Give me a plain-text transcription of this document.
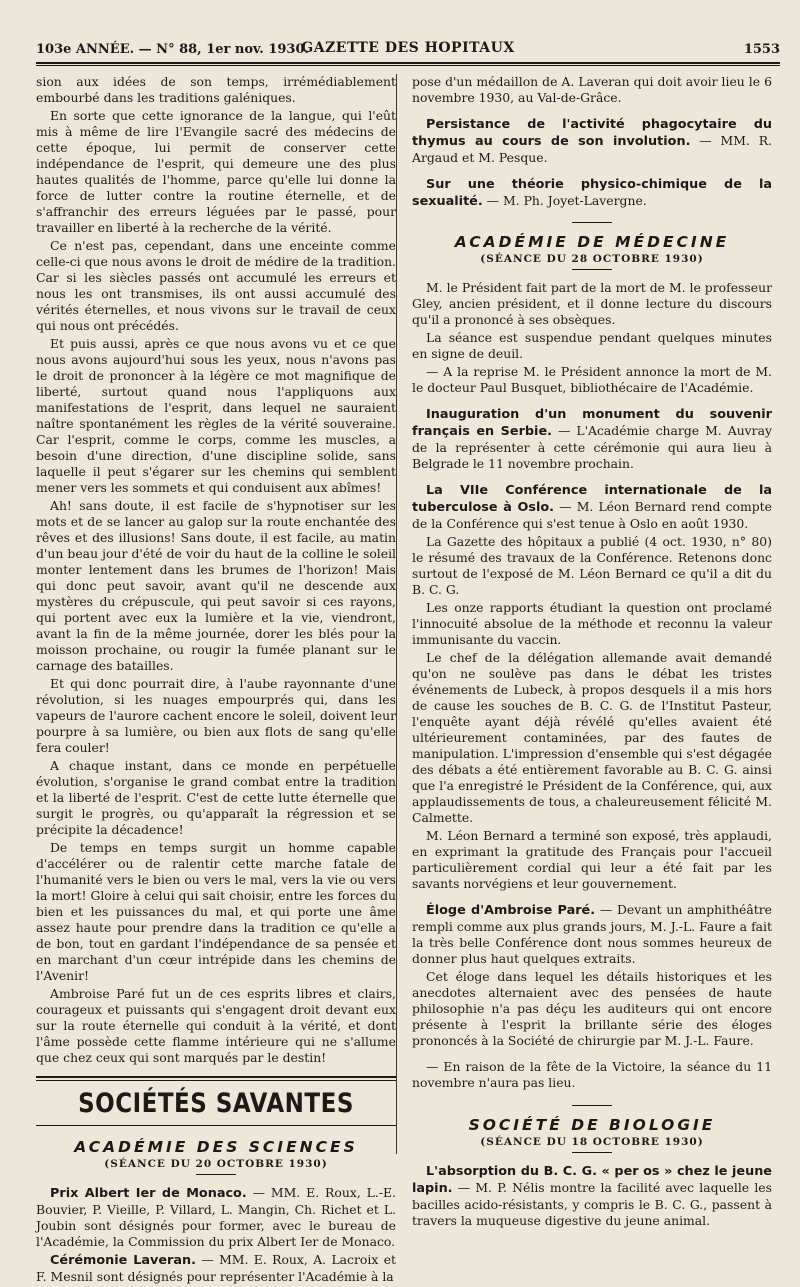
103e ANNÉE. — N° 88, 1er nov. 1930.
GAZETTE DES HOPITAUX	1553

sion aux idées de son temps, irrémédiablement embourbé dans les traditions galéniques.

En sorte que cette ignorance de la langue, qui l'eût mis à même de lire l'Evangile sacré des médecins de cette époque, lui permit de conserver cette indépendance de l'esprit, qui demeure une des plus hautes qualités de l'homme, parce qu'elle lui donne la force de lutter contre la routine éternelle, et de s'affranchir des erreurs léguées par le passé, pour travailler en liberté à la recherche de la vérité.

Ce n'est pas, cependant, dans une enceinte comme celle-ci que nous avons le droit de médire de la tradition. Car si les siècles passés ont accumulé les erreurs et nous les ont transmises, ils ont aussi accumulé des vérités éternelles, et nous vivons sur le travail de ceux qui nous ont précédés.

Et puis aussi, après ce que nous avons vu et ce que nous avons aujourd'hui sous les yeux, nous n'avons pas le droit de prononcer à la légère ce mot magnifique de liberté, surtout quand nous l'appliquons aux manifestations de l'esprit, dans lequel ne sauraient naître spontanément les règles de la vérité souveraine. Car l'esprit, comme le corps, comme les muscles, a besoin d'une direction, d'une discipline solide, sans laquelle il peut s'égarer sur les chemins qui semblent mener vers les sommets et qui conduisent aux abîmes!

Ah! sans doute, il est facile de s'hypnotiser sur les mots et de se lancer au galop sur la route enchantée des rêves et des illusions! Sans doute, il est facile, au matin d'un beau jour d'été de voir du haut de la colline le soleil monter lentement dans les brumes de l'horizon! Mais qui donc peut savoir, avant qu'il ne descende aux mystères du crépuscule, qui peut savoir si ces rayons, qui portent avec eux la lumière et la vie, viendront, avant la fin de la même journée, dorer les blés pour la moisson prochaine, ou rougir la fumée planant sur le carnage des batailles.

Et qui donc pourrait dire, à l'aube rayonnante d'une révolution, si les nuages empourprés qui, dans les vapeurs de l'aurore cachent encore le soleil, doivent leur pourpre à sa lumière, ou bien aux flots de sang qu'elle fera couler!

A chaque instant, dans ce monde en perpétuelle évolution, s'organise le grand combat entre la tradition et la liberté de l'esprit. C'est de cette lutte éternelle que surgit le progrès, ou qu'apparaît la régression et se précipite la décadence!

De temps en temps surgit un homme capable d'accélérer ou de ralentir cette marche fatale de l'humanité vers le bien ou vers le mal, vers la vie ou vers la mort! Gloire à celui qui sait choisir, entre les forces du bien et les puissances du mal, et qui porte une âme assez haute pour prendre dans la tradition ce qu'elle a de bon, tout en gardant l'indépendance de sa pensée et en marchant d'un cœur intrépide dans les chemins de l'Avenir!

Ambroise Paré fut un de ces esprits libres et clairs, courageux et puissants qui s'engagent droit devant eux sur la route éternelle qui conduit à la vérité, et dont l'âme possède cette flamme intérieure qui ne s'allume que chez ceux qui sont marqués par le destin!

SOCIÉTÉS SAVANTES
ACADÉMIE DES SCIENCES
(SÉANCE DU 20 OCTOBRE 1930)

Prix Albert Ier de Monaco. — MM. E. Roux, L.-E. Bouvier, P. Vieille, P. Villard, L. Mangin, Ch. Richet et L. Joubin sont désignés pour former, avec le bureau de l'Académie, la Commission du prix Albert Ier de Monaco.

Cérémonie Laveran. — MM. E. Roux, A. Lacroix et F. Mesnil sont désignés pour représenter l'Académie à la

pose d'un médaillon de A. Laveran qui doit avoir lieu le 6 novembre 1930, au Val-de-Grâce.

Persistance de l'activité phagocytaire du thymus au cours de son involution. — MM. R. Argaud et M. Pesque.

Sur une théorie physico-chimique de la sexualité. — M. Ph. Joyet-Lavergne.

ACADÉMIE DE MÉDECINE
(SÉANCE DU 28 OCTOBRE 1930)

M. le Président fait part de la mort de M. le professeur Gley, ancien président, et il donne lecture du discours qu'il a prononcé à ses obsèques.

La séance est suspendue pendant quelques minutes en signe de deuil.

— A la reprise M. le Président annonce la mort de M. le docteur Paul Busquet, bibliothécaire de l'Académie.

Inauguration d'un monument du souvenir français en Serbie. — L'Académie charge M. Auvray de la représenter à cette cérémonie qui aura lieu à Belgrade le 11 novembre prochain.

La VIIe Conférence internationale de la tuberculose à Oslo. — M. Léon Bernard rend compte de la Conférence qui s'est tenue à Oslo en août 1930.

La Gazette des hôpitaux a publié (4 oct. 1930, n° 80) le résumé des travaux de la Conférence. Retenons donc surtout de l'exposé de M. Léon Bernard ce qu'il a dit du B. C. G.

Les onze rapports étudiant la question ont proclamé l'innocuité absolue de la méthode et reconnu la valeur immunisante du vaccin.

Le chef de la délégation allemande avait demandé qu'on ne soulève pas dans le débat les tristes événements de Lubeck, à propos desquels il a mis hors de cause les souches de B. C. G. de l'Institut Pasteur, l'enquête ayant déjà révélé qu'elles avaient été ultérieurement contaminées, par des fautes de manipulation. L'impression d'ensemble qui s'est dégagée des débats a été entièrement favorable au B. C. G. ainsi que l'a enregistré le Président de la Conférence, qui, aux applaudissements de tous, a chaleureusement félicité M. Calmette.

M. Léon Bernard a terminé son exposé, très applaudi, en exprimant la gratitude des Français pour l'accueil particulièrement cordial qui leur a été fait par les savants norvégiens et leur gouvernement.

Éloge d'Ambroise Paré. — Devant un amphithéâtre rempli comme aux plus grands jours, M. J.-L. Faure a fait la très belle Conférence dont nous sommes heureux de donner plus haut quelques extraits.

Cet éloge dans lequel les détails historiques et les anecdotes alternaient avec des pensées de haute philosophie n'a pas déçu les auditeurs qui ont encore présente à l'esprit la brillante série des éloges prononcés à la Société de chirurgie par M. J.-L. Faure.

— En raison de la fête de la Victoire, la séance du 11 novembre n'aura pas lieu.

SOCIÉTÉ DE BIOLOGIE
(SÉANCE DU 18 OCTOBRE 1930)

L'absorption du B. C. G. « per os » chez le jeune lapin. — M. P. Nélis montre la facilité avec laquelle les bacilles acido-résistants, y compris le B. C. G., passent à travers la muqueuse digestive du jeune animal.
